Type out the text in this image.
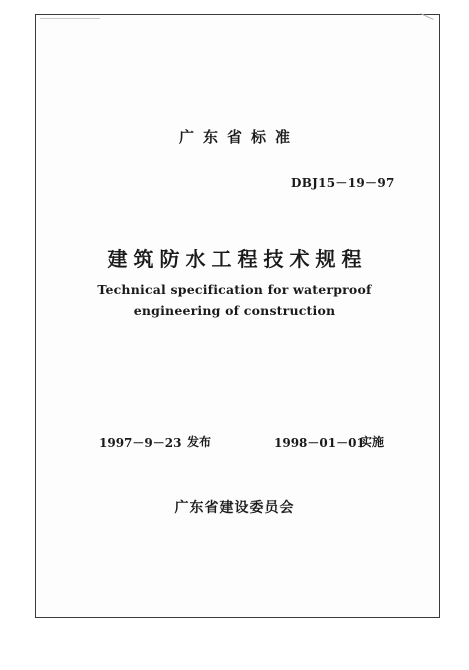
广东省标准
DBJ15－19－97
建筑防水工程技术规程
Technical specification for waterproof
engineering of construction
1997－9－23 发布	1998－01－01
实施
广东省建设委员会
